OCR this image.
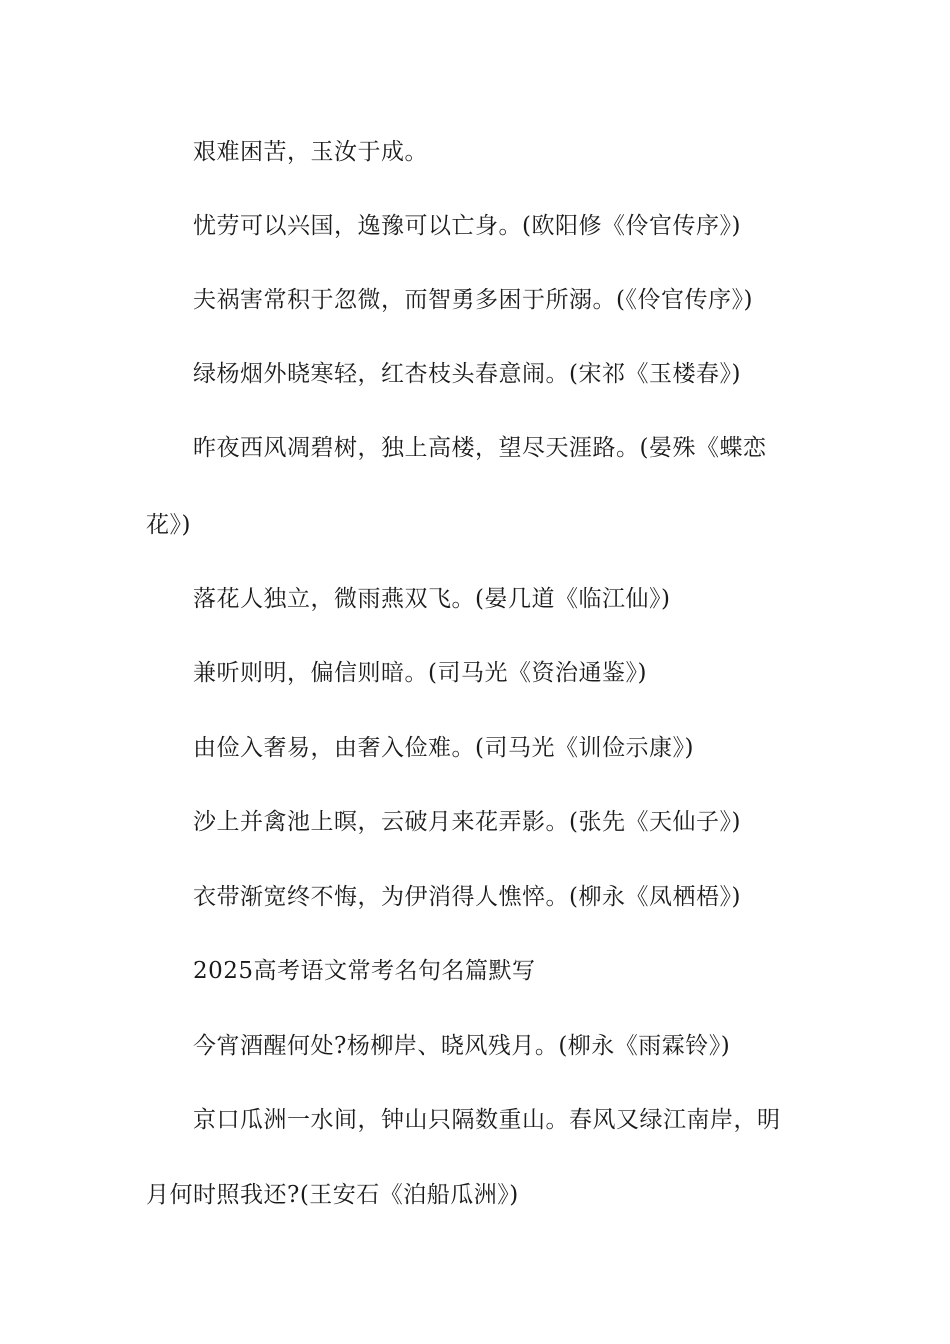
艰难困苦，玉汝于成。
忧劳可以兴国，逸豫可以亡身。(欧阳修《伶官传序》)
夫祸害常积于忽微，而智勇多困于所溺。(《伶官传序》)
绿杨烟外晓寒轻，红杏枝头春意闹。(宋祁《玉楼春》)
昨夜西风凋碧树，独上高楼，望尽天涯路。(晏殊《蝶恋
花》)
落花人独立，微雨燕双飞。(晏几道《临江仙》)
兼听则明，偏信则暗。(司马光《资治通鉴》)
由俭入奢易，由奢入俭难。(司马光《训俭示康》)
沙上并禽池上暝，云破月来花弄影。(张先《天仙子》)
衣带渐宽终不悔，为伊消得人憔悴。(柳永《凤栖梧》)
2025高考语文常考名句名篇默写
今宵酒醒何处?杨柳岸、晓风残月。(柳永《雨霖铃》)
京口瓜洲一水间，钟山只隔数重山。春风又绿江南岸，明
月何时照我还?(王安石《泊船瓜洲》)
